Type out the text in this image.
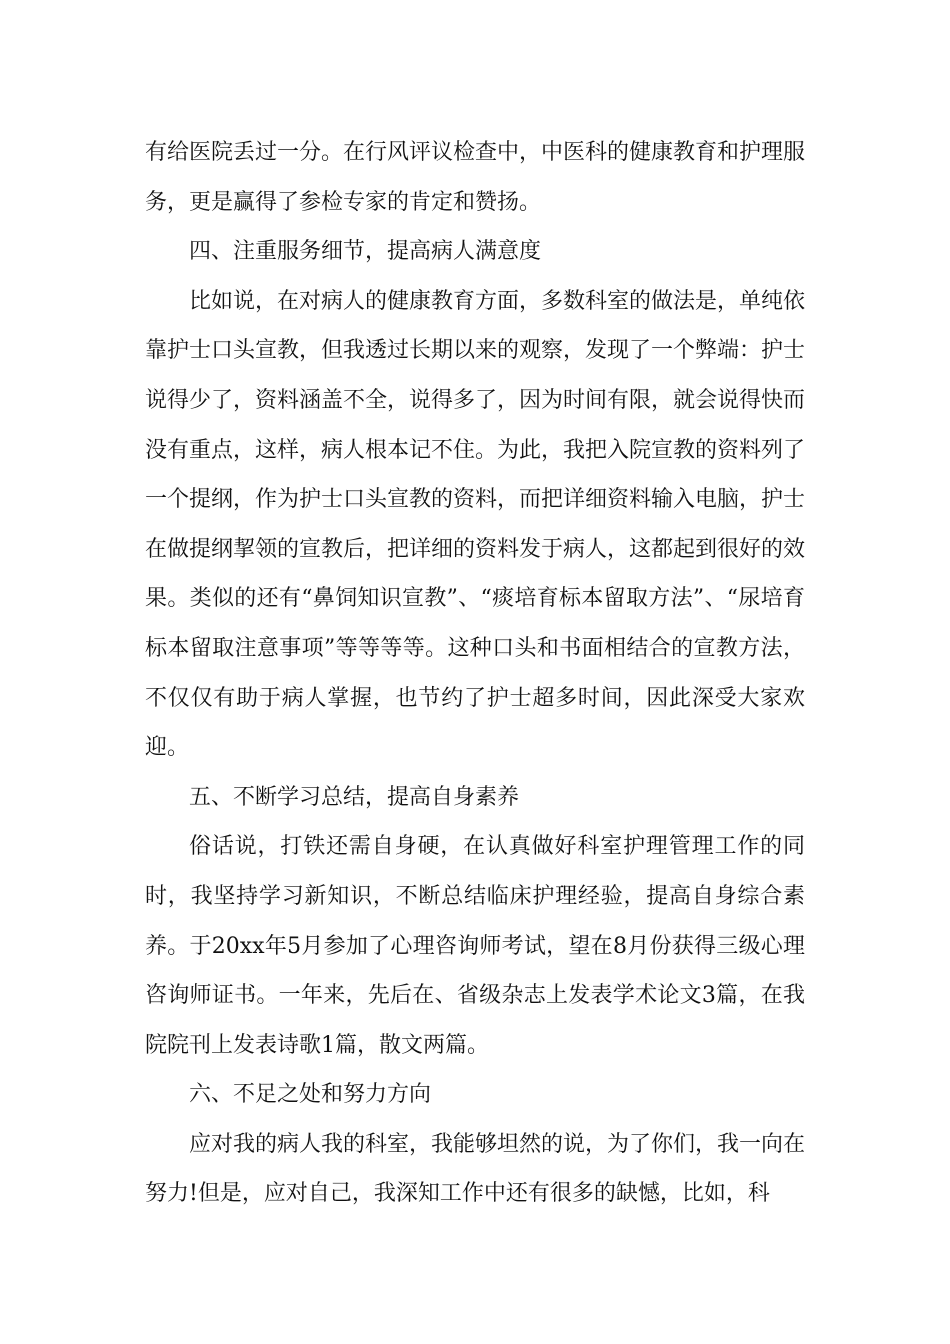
有给医院丢过一分。在行风评议检查中，中医科的健康教育和护理服务，更是赢得了参检专家的肯定和赞扬。

四、注重服务细节，提高病人满意度

比如说，在对病人的健康教育方面，多数科室的做法是，单纯依靠护士口头宣教，但我透过长期以来的观察，发现了一个弊端：护士说得少了，资料涵盖不全，说得多了，因为时间有限，就会说得快而没有重点，这样，病人根本记不住。为此，我把入院宣教的资料列了一个提纲，作为护士口头宣教的资料，而把详细资料输入电脑，护士在做提纲挈领的宣教后，把详细的资料发于病人，这都起到很好的效果。类似的还有“鼻饲知识宣教”、“痰培育标本留取方法”、“尿培育标本留取注意事项”等等等等。这种口头和书面相结合的宣教方法，不仅仅有助于病人掌握，也节约了护士超多时间，因此深受大家欢迎。

五、不断学习总结，提高自身素养

俗话说，打铁还需自身硬，在认真做好科室护理管理工作的同时，我坚持学习新知识，不断总结临床护理经验，提高自身综合素养。于20xx年5月参加了心理咨询师考试，望在8月份获得三级心理咨询师证书。一年来，先后在、省级杂志上发表学术论文3篇，在我院院刊上发表诗歌1篇，散文两篇。

六、不足之处和努力方向

应对我的病人我的科室，我能够坦然的说，为了你们，我一向在努力!但是，应对自己，我深知工作中还有很多的缺憾，比如，科
